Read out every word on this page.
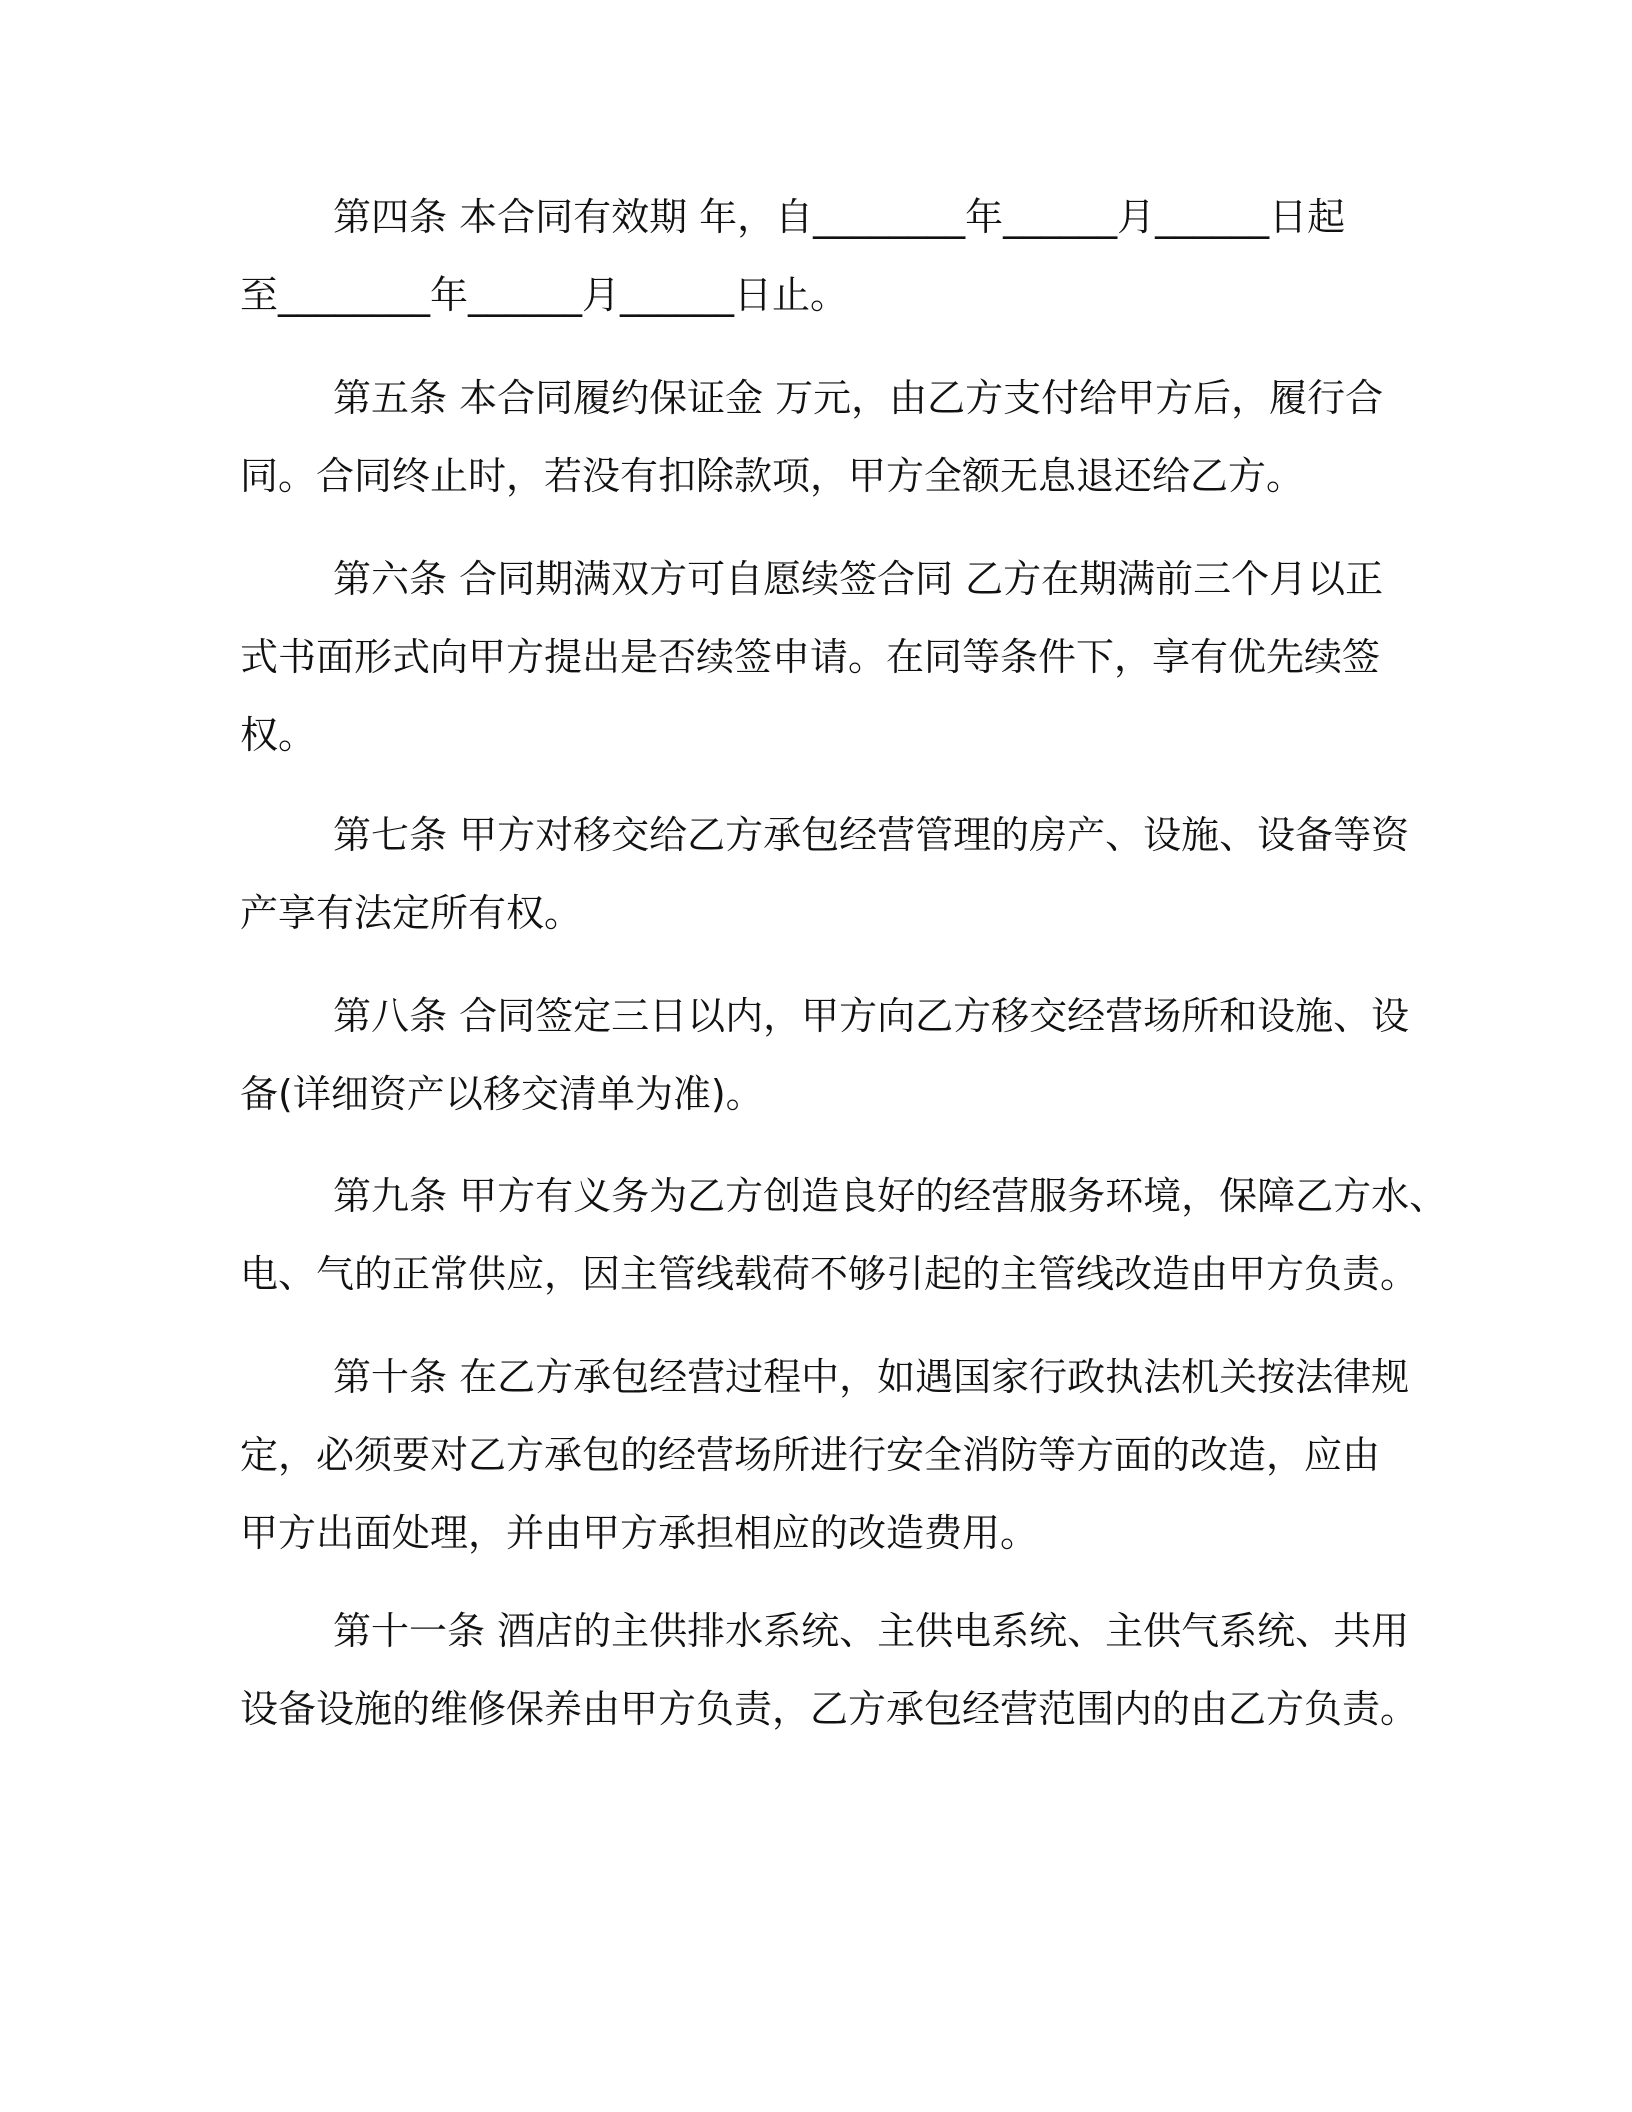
第四条 本合同有效期 年，自________年______月______日起
至________年______月______日止。
第五条 本合同履约保证金 万元，由乙方支付给甲方后，履行合
同。合同终止时，若没有扣除款项，甲方全额无息退还给乙方。
第六条 合同期满双方可自愿续签合同 乙方在期满前三个月以正
式书面形式向甲方提出是否续签申请。在同等条件下，享有优先续签
权。
第七条 甲方对移交给乙方承包经营管理的房产、设施、设备等资
产享有法定所有权。
第八条 合同签定三日以内，甲方向乙方移交经营场所和设施、设
备(详细资产以移交清单为准)。
第九条 甲方有义务为乙方创造良好的经营服务环境，保障乙方水、
电、气的正常供应，因主管线载荷不够引起的主管线改造由甲方负责。
第十条 在乙方承包经营过程中，如遇国家行政执法机关按法律规
定，必须要对乙方承包的经营场所进行安全消防等方面的改造，应由
甲方出面处理，并由甲方承担相应的改造费用。
第十一条 酒店的主供排水系统、主供电系统、主供气系统、共用
设备设施的维修保养由甲方负责，乙方承包经营范围内的由乙方负责。
